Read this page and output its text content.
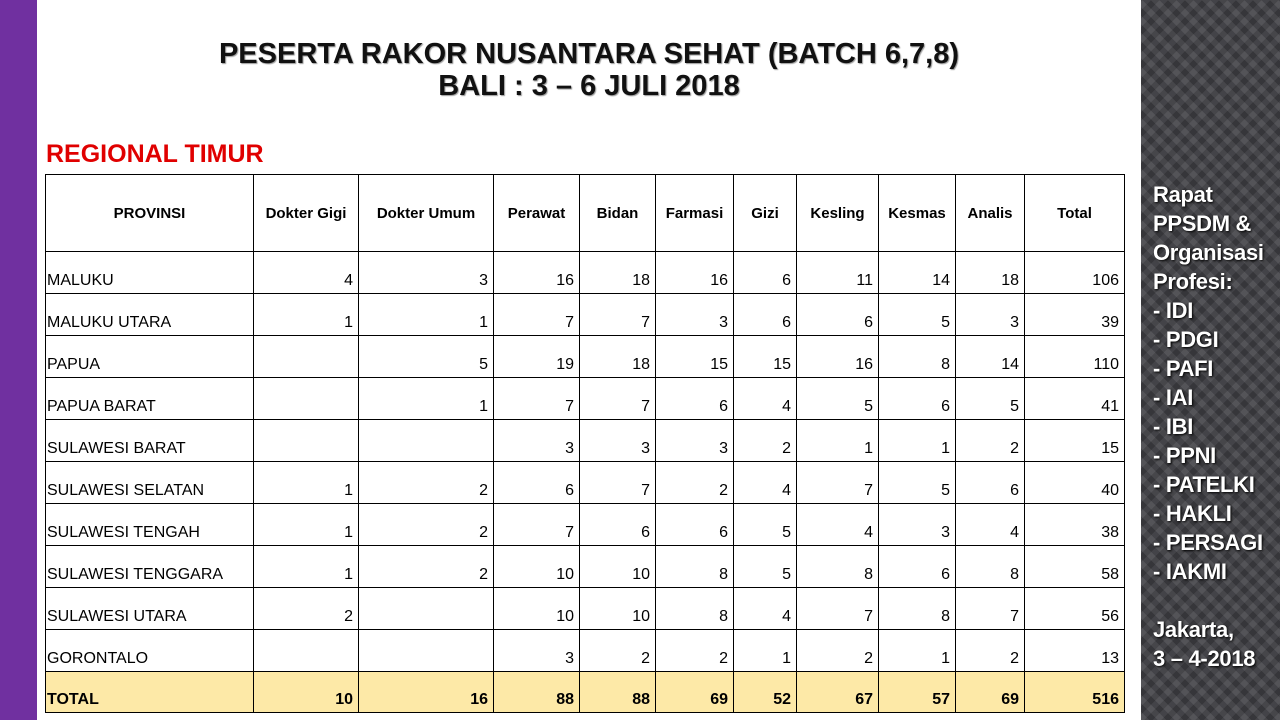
PESERTA RAKOR NUSANTARA SEHAT (BATCH 6,7,8)
BALI : 3 – 6 JULI 2018
REGIONAL TIMUR
PROVINSI	Dokter Gigi	Dokter Umum	Perawat	Bidan	Farmasi	Gizi	Kesling	Kesmas	Analis	Total
MALUKU	4	3	16	18	16	6	11	14	18	106
MALUKU UTARA	1	1	7	7	3	6	6	5	3	39
PAPUA		5	19	18	15	15	16	8	14	110
PAPUA BARAT		1	7	7	6	4	5	6	5	41
SULAWESI BARAT			3	3	3	2	1	1	2	15
SULAWESI SELATAN	1	2	6	7	2	4	7	5	6	40
SULAWESI TENGAH	1	2	7	6	6	5	4	3	4	38
SULAWESI TENGGARA	1	2	10	10	8	5	8	6	8	58
SULAWESI UTARA	2		10	10	8	4	7	8	7	56
GORONTALO			3	2	2	1	2	1	2	13
TOTAL	10	16	88	88	69	52	67	57	69	516
Rapat
PPSDM &
Organisasi
Profesi:
- IDI
- PDGI
- PAFI
- IAI
- IBI
- PPNI
- PATELKI
- HAKLI
- PERSAGI
- IAKMI
Jakarta,
3 – 4-2018
